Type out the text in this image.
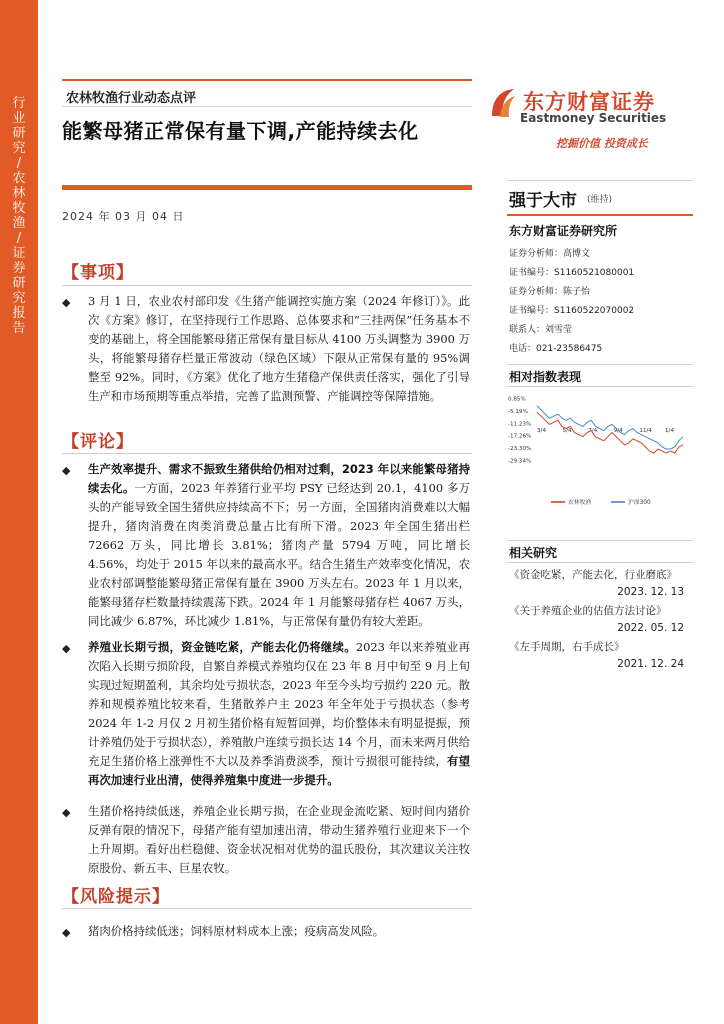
行业研究 / 农林牧渔 / 证券研究报告
农林牧渔行业动态点评
能繁母猪正常保有量下调,产能持续去化
2024 年 03 月 04 日
东方财富证券
Eastmoney Securities
挖掘价值 投资成长
强于大市 (维持)
东方财富证券研究所
证券分析师：高博文
证书编号：S1160521080001
证券分析师：陈子怡
证书编号：S1160522070002
联系人：刘雪莹
电话：021-23586475
相对指数表现
0.85%
-5.19%
-11.23%
-17.26%
-23.30%
-29.34%
3/4	5/4	7/4	9/4	11/4 1/4
农林牧渔	沪深300
相关研究
《资金吃紧，产能去化，行业磨底》
2023. 12. 13
《关于养殖企业的估值方法讨论》
2022. 05. 12
《左手周期，右手成长》
2021. 12. 24
【事项】
◆ 3 月 1 日，农业农村部印发《生猪产能调控实施方案（2024 年修订）》。此次《方案》修订，在坚持现行工作思路、总体要求和“三挂两保”任务基本不变的基础上，将全国能繁母猪正常保有量目标从 4100 万头调整为 3900 万头，将能繁母猪存栏量正常波动（绿色区域）下限从正常保有量的 95%调整至 92%。同时，《方案》优化了地方生猪稳产保供责任落实，强化了引导生产和市场预期等重点举措，完善了监测预警、产能调控等保障措施。
【评论】
◆ 生产效率提升、需求不振致生猪供给仍相对过剩，2023 年以来能繁母猪持续去化。一方面，2023 年养猪行业平均 PSY 已经达到 20.1，4100 多万头的产能导致全国生猪供应持续高不下；另一方面，全国猪肉消费难以大幅提升，猪肉消费在肉类消费总量占比有所下滑。2023 年全国生猪出栏 72662 万头，同比增长 3.81%；猪肉产量 5794 万吨，同比增长 4.56%，均处于 2015 年以来的最高水平。结合生猪生产效率变化情况，农业农村部调整能繁母猪正常保有量在 3900 万头左右。2023 年 1 月以来，能繁母猪存栏数量持续震荡下跌。2024 年 1 月能繁母猪存栏 4067 万头，同比减少 6.87%，环比减少 1.81%，与正常保有量仍有较大差距。
◆ 养殖业长期亏损，资金链吃紧，产能去化仍将继续。2023 年以来养殖业再次陷入长期亏损阶段，自繁自养模式养殖均仅在 23 年 8 月中旬至 9 月上旬实现过短期盈利，其余均处亏损状态，2023 年至今头均亏损约 220 元。散养和规模养殖比较来看，生猪散养户主 2023 年全年处于亏损状态（参考 2024 年 1-2 月仅 2 月初生猪价格有短暂回弹，均价整体未有明显提振，预计养殖仍处于亏损状态），养殖散户连续亏损长达 14 个月，而未来两月供给充足生猪价格上涨弹性不大以及养季消费淡季，预计亏损很可能持续，有望再次加速行业出清，使得养殖集中度进一步提升。
◆ 生猪价格持续低迷，养殖企业长期亏损，在企业现金流吃紧、短时间内猪价反弹有限的情况下，母猪产能有望加速出清，带动生猪养殖行业迎来下一个上升周期。看好出栏稳健、资金状况相对优势的温氏股份，其次建议关注牧原股份、新五丰、巨星农牧。
【风险提示】
◆ 猪肉价格持续低迷；饲料原材料成本上涨；疫病高发风险。
